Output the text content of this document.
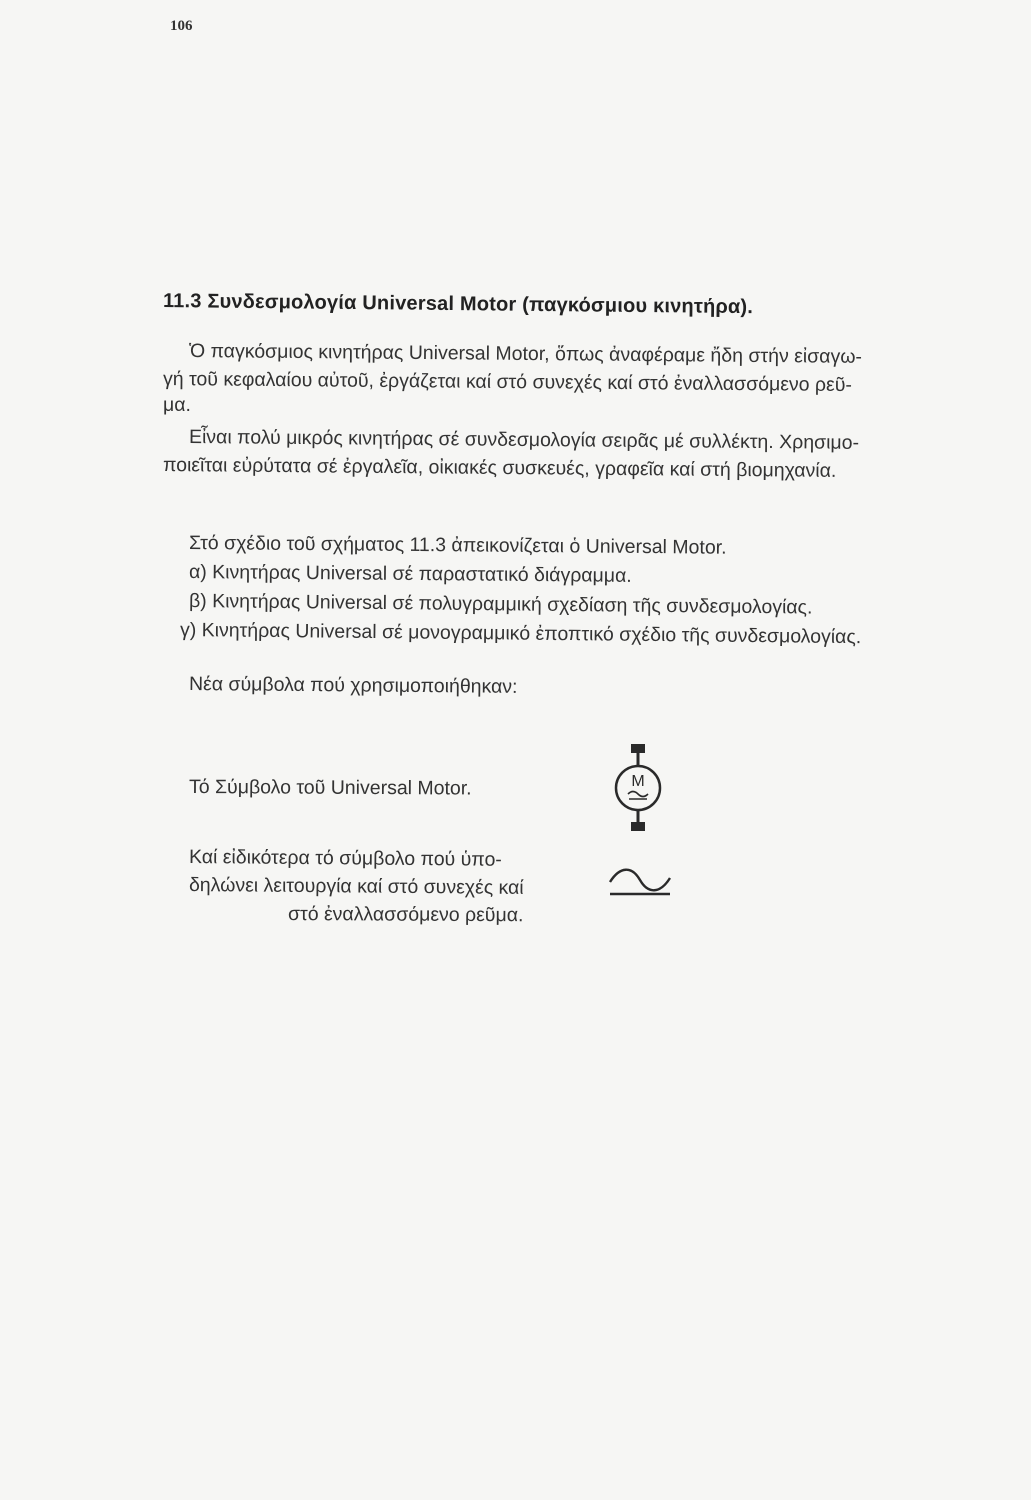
106
11.3 Συνδεσμολογία Universal Motor (παγκόσμιου κινητήρα).
Ὁ παγκόσμιος κινητήρας Universal Motor, ὅπως ἀναφέραμε ἤδη στήν εἰσαγω-
γή τοῦ κεφαλαίου αὐτοῦ, ἐργάζεται καί στό συνεχές καί στό ἐναλλασσόμενο ρεῦ-
μα.
Εἶναι πολύ μικρός κινητήρας σέ συνδεσμολογία σειρᾶς μέ συλλέκτη. Χρησιμο-
ποιεῖται εὐρύτατα σέ ἐργαλεῖα, οἰκιακές συσκευές, γραφεῖα καί στή βιομηχανία.
Στό σχέδιο τοῦ σχήματος 11.3 ἀπεικονίζεται ὁ Universal Motor.
α) Κινητήρας Universal σέ παραστατικό διάγραμμα.
β) Κινητήρας Universal σέ πολυγραμμική σχεδίαση τῆς συνδεσμολογίας.
γ) Κινητήρας Universal σέ μονογραμμικό ἐποπτικό σχέδιο τῆς συνδεσμολογίας.
Νέα σύμβολα πού χρησιμοποιήθηκαν:
Τό Σύμβολο τοῦ Universal Motor.	M
Καί εἰδικότερα τό σύμβολο πού ὑπο-
δηλώνει λειτουργία καί στό συνεχές καί
στό ἐναλλασσόμενο ρεῦμα.
